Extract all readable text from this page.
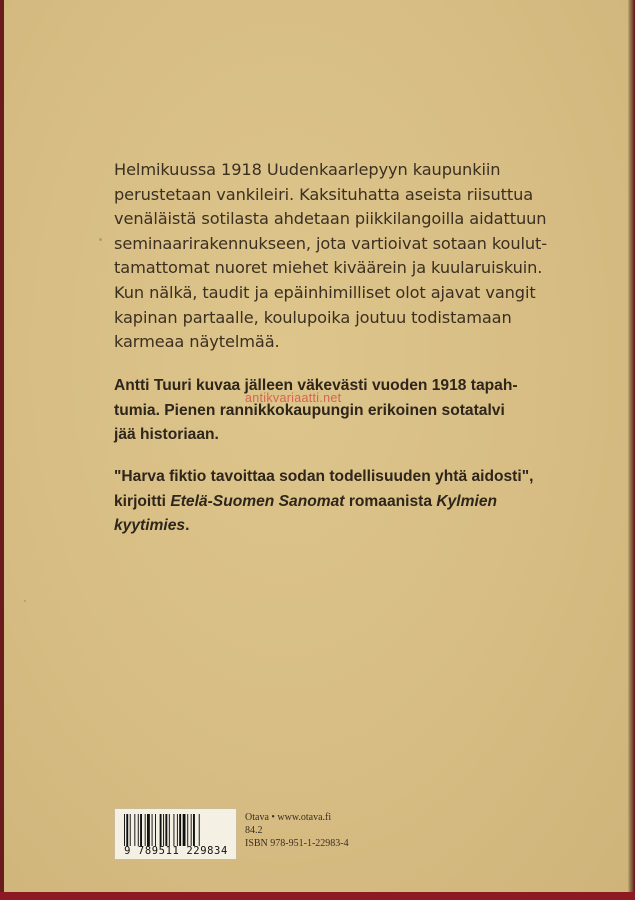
Helmikuussa 1918 Uudenkaarlepyyn kaupunkiin
perustetaan vankileiri. Kaksituhatta aseista riisuttua
venäläistä sotilasta ahdetaan piikkilangoilla aidattuun
seminaarirakennukseen, jota vartioivat sotaan koulut-
tamattomat nuoret miehet kiväärein ja kuularuiskuin.
Kun nälkä, taudit ja epäinhimilliset olot ajavat vangit
kapinan partaalle, koulupoika joutuu todistamaan
karmeaa näytelmää.
Antti Tuuri kuvaa jälleen väkevästi vuoden 1918 tapah-
tumia. Pienen rannikkokaupungin erikoinen sotatalvi
jää historiaan.
antikvariaatti.net
"Harva fiktio tavoittaa sodan todellisuuden yhtä aidosti",
kirjoitti Etelä-Suomen Sanomat romaanista Kylmien
kyytimies.
9 789511 229834
Otava • www.otava.fi
84.2
ISBN 978-951-1-22983-4
